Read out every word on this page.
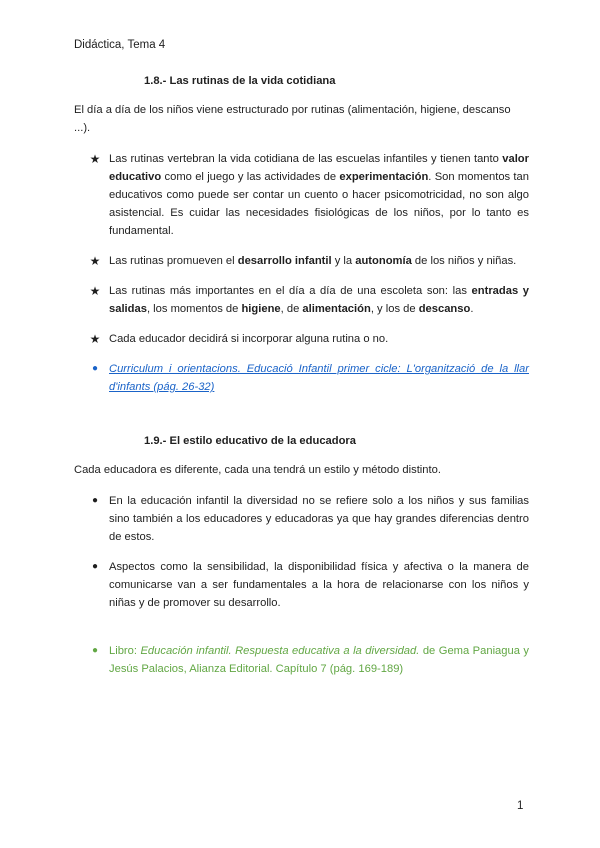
Didáctica, Tema 4
1.8.- Las rutinas de la vida cotidiana
El día a día de los niños viene estructurado por rutinas (alimentación, higiene, descanso ...).
★ Las rutinas vertebran la vida cotidiana de las escuelas infantiles y tienen tanto valor educativo como el juego y las actividades de experimentación. Son momentos tan educativos como puede ser contar un cuento o hacer psicomotricidad, no son algo asistencial. Es cuidar las necesidades fisiológicas de los niños, por lo tanto es fundamental.
★ Las rutinas promueven el desarrollo infantil y la autonomía de los niños y niñas.
★ Las rutinas más importantes en el día a día de una escoleta son: las entradas y salidas, los momentos de higiene, de alimentación, y los de descanso.
★ Cada educador decidirá si incorporar alguna rutina o no.
● Curriculum i orientacions. Educació Infantil primer cicle: L'organització de la llar d'infants (pág. 26-32)
1.9.- El estilo educativo de la educadora
Cada educadora es diferente, cada una tendrá un estilo y método distinto.
● En la educación infantil la diversidad no se refiere solo a los niños y sus familias sino también a los educadores y educadoras ya que hay grandes diferencias dentro de estos.
● Aspectos como la sensibilidad, la disponibilidad física y afectiva o la manera de comunicarse van a ser fundamentales a la hora de relacionarse con los niños y niñas y de promover su desarrollo.
● Libro: Educación infantil. Respuesta educativa a la diversidad. de Gema Paniagua y Jesús Palacios, Alianza Editorial. Capítulo 7 (pág. 169-189)
1
